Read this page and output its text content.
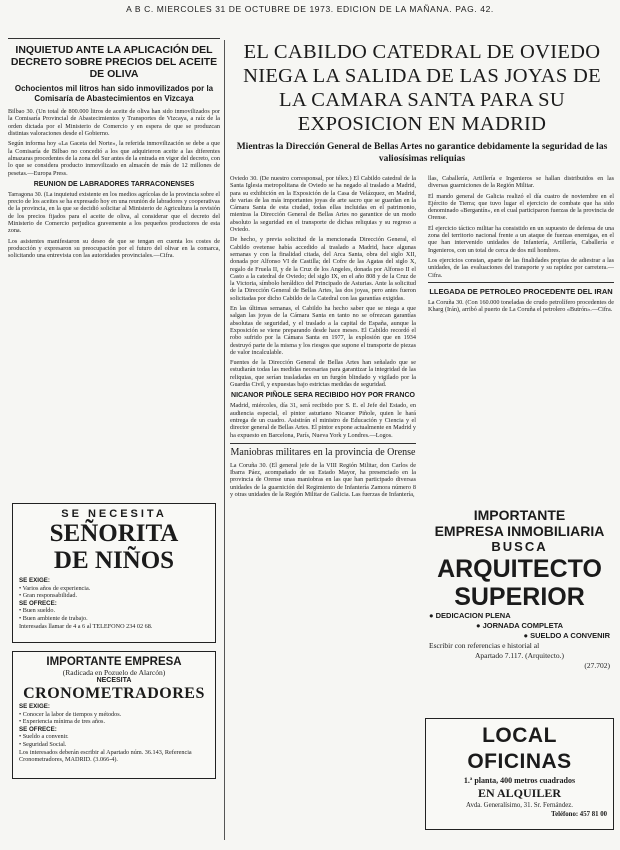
A B C. MIERCOLES 31 DE OCTUBRE DE 1973. EDICION DE LA MAÑANA. PAG. 42.
INQUIETUD ANTE LA APLICACIÓN DEL DECRETO SOBRE PRECIOS DEL ACEITE DE OLIVA
Ochocientos mil litros han sido inmovilizados por la Comisaría de Abastecimientos en Vizcaya

Bilbao 30. (Un total de 800.000 litros de aceite de oliva han sido inmovilizados por la Comisaría Provincial de Abastecimientos y Transportes de Vizcaya, a raíz de la orden dictada por el Ministerio de Comercio y en espera de que se produzcan distintas valoraciones desde el Gobierno.

Según informa hoy «La Gaceta del Norte», la referida inmovilización se debe a que la Comisaría de Bilbao no concedió a los que adquirieron aceite a las diferentes almazaras procedentes de la zona del Sur antes de la entrada en vigor del decreto, con lo que se considera producto inmovilizado en almacén de más de 12 millones de pesetas.—Europa Press.

REUNION DE LABRADORES TARRACONENSES

Tarragona 30. (La inquietud existente en los medios agrícolas de la provincia sobre el precio de los aceites se ha expresado hoy en una reunión de labradores y cooperativas de la provincia, en la que se decidió solicitar al Ministerio de Agricultura la revisión de los precios fijados para el aceite de oliva, al considerar que el decreto del Ministerio de Comercio perjudica gravemente a los pequeños productores de esta zona.

Los asistentes manifestaron su deseo de que se tengan en cuenta los costes de producción y expresaron su preocupación por el futuro del olivar en la comarca, solicitando una entrevista con las autoridades provinciales.—Cifra.

SE NECESITA
SEÑORITA
DE NIÑOS

SE EXIGE:

• Varios años de experiencia.

• Gran responsabilidad.

SE OFRECE:

• Buen sueldo.

• Buen ambiente de trabajo.

Interesadas llamar de 4 a 6 al TELEFONO 234 02 68.

IMPORTANTE EMPRESA
(Radicada en Pozuelo de Alarcón)
NECESITA
CRONOMETRADORES

SE EXIGE:

• Conocer la labor de tiempos y métodos.

• Experiencia mínima de tres años.

SE OFRECE:

• Sueldo a convenir.

• Seguridad Social.

Los interesados deberán escribir al Apartado núm. 36.143, Referencia Cronometradores, MADRID. (3.066-4).

EL CABILDO CATEDRAL DE OVIEDO NIEGA LA SALIDA DE LAS JOYAS DE LA CAMARA SANTA PARA SU EXPOSICION EN MADRID
Mientras la Dirección General de Bellas Artes no garantice debidamente la seguridad de las valiosísimas reliquias

Oviedo 30. (De nuestro corresponsal, por télex.) El Cabildo catedral de la Santa Iglesia metropolitana de Oviedo se ha negado al traslado a Madrid, para su exhibición en la Exposición de la Casa de Velázquez, en Madrid, de varias de las más importantes joyas de arte sacro que se guardan en la Cámara Santa de esta ciudad, todas ellas incluidas en el patrimonio, mientras la Dirección General de Bellas Artes no garantice de un modo absoluto la seguridad en el transporte de dichas reliquias y su regreso a Oviedo.

De hecho, y previa solicitud de la mencionada Dirección General, el Cabildo ovetense había accedido al traslado a Madrid, hace algunas semanas y con la finalidad citada, del Arca Santa, obra del siglo XII, donada por Alfonso VI de Castilla; del Cofre de las Agatas del siglo X, regalo de Fruela II, y de la Cruz de los Angeles, donada por Alfonso II el Casto a la catedral de Oviedo; del siglo IX, en el año 808 y de la Cruz de la Victoria, símbolo heráldico del Principado de Asturias. Ante la solicitud de la Dirección General de Bellas Artes, las dos joyas, pero antes fueron solicitadas por dicho Cabildo de la Catedral con las garantías exigidas.

En las últimas semanas, el Cabildo ha hecho saber que se niega a que salgan las joyas de la Cámara Santa en tanto no se ofrezcan garantías absolutas de seguridad, y el traslado a la capital de España, aunque la Exposición se viene preparando desde hace meses. El Cabildo recordó el robo sufrido por la Cámara Santa en 1977, la explosión que en 1934 destruyó parte de la misma y los riesgos que supone el transporte de piezas de valor incalculable.

Fuentes de la Dirección General de Bellas Artes han señalado que se estudiarán todas las medidas necesarias para garantizar la integridad de las reliquias, que serían trasladadas en un furgón blindado y vigilado por la Guardia Civil, y expuestas bajo estrictas medidas de seguridad.

NICANOR PIÑOLE SERA RECIBIDO HOY POR FRANCO

Madrid, miércoles, día 31, será recibido por S. E. el Jefe del Estado, en audiencia especial, el pintor asturiano Nicanor Piñole, quien le hará entrega de un cuadro. Asistirán el ministro de Educación y Ciencia y el director general de Bellas Artes. El pintor expone actualmente en Madrid y ha expuesto en Barcelona, París, Nueva York y Londres.—Logos.

Maniobras militares en la provincia de Orense

La Coruña 30. (El general jefe de la VIII Región Militar, don Carlos de Ibarra Páez, acompañado de su Estado Mayor, ha presenciado en la provincia de Orense unas maniobras en las que han participado diversas unidades de la guarnición del Regimiento de Infantería Zamora número 8 y otras unidades de la Región Militar de Galicia. Las fuerzas de Infantería,

llas, Caballería, Artillería e Ingenieros se hallan distribuidos en las diversas guarniciones de la Región Militar.

El mando general de Galicia realizó el día cuatro de noviembre en el Ejército de Tierra; que tuvo lugar el ejercicio de combate que ha sido denominado «Bergantín», en el cual participaron fuerzas de la provincia de Orense.

El ejercicio táctico militar ha consistido en un supuesto de defensa de una zona del territorio nacional frente a un ataque de fuerzas enemigas, en el que han intervenido unidades de Infantería, Artillería, Caballería e Ingenieros, con un total de cerca de dos mil hombres.

Los ejercicios constan, aparte de las finalidades propias de adiestrar a las unidades, de las evaluaciones del transporte y su rapidez por carretera.—Cifra.

LLEGADA DE PETROLEO PROCEDENTE DEL IRAN

La Coruña 30. (Con 160.000 toneladas de crudo petrolífero procedentes de Kharg (Irán), arribó al puerto de La Coruña el petrolero «Butrón».—Cifra.

IMPORTANTE
EMPRESA INMOBILIARIA
BUSCA
ARQUITECTO
SUPERIOR
● DEDICACION PLENA
● JORNADA COMPLETA
● SUELDO A CONVENIR
Escribir con referencias e historial al
Apartado 7.117. (Arquitecto.)
(27.702)
LOCAL OFICINAS
1.ª planta, 400 metros cuadrados
EN ALQUILER
Avda. Generalísimo, 31. Sr. Fernández.
Teléfono: 457 81 00
